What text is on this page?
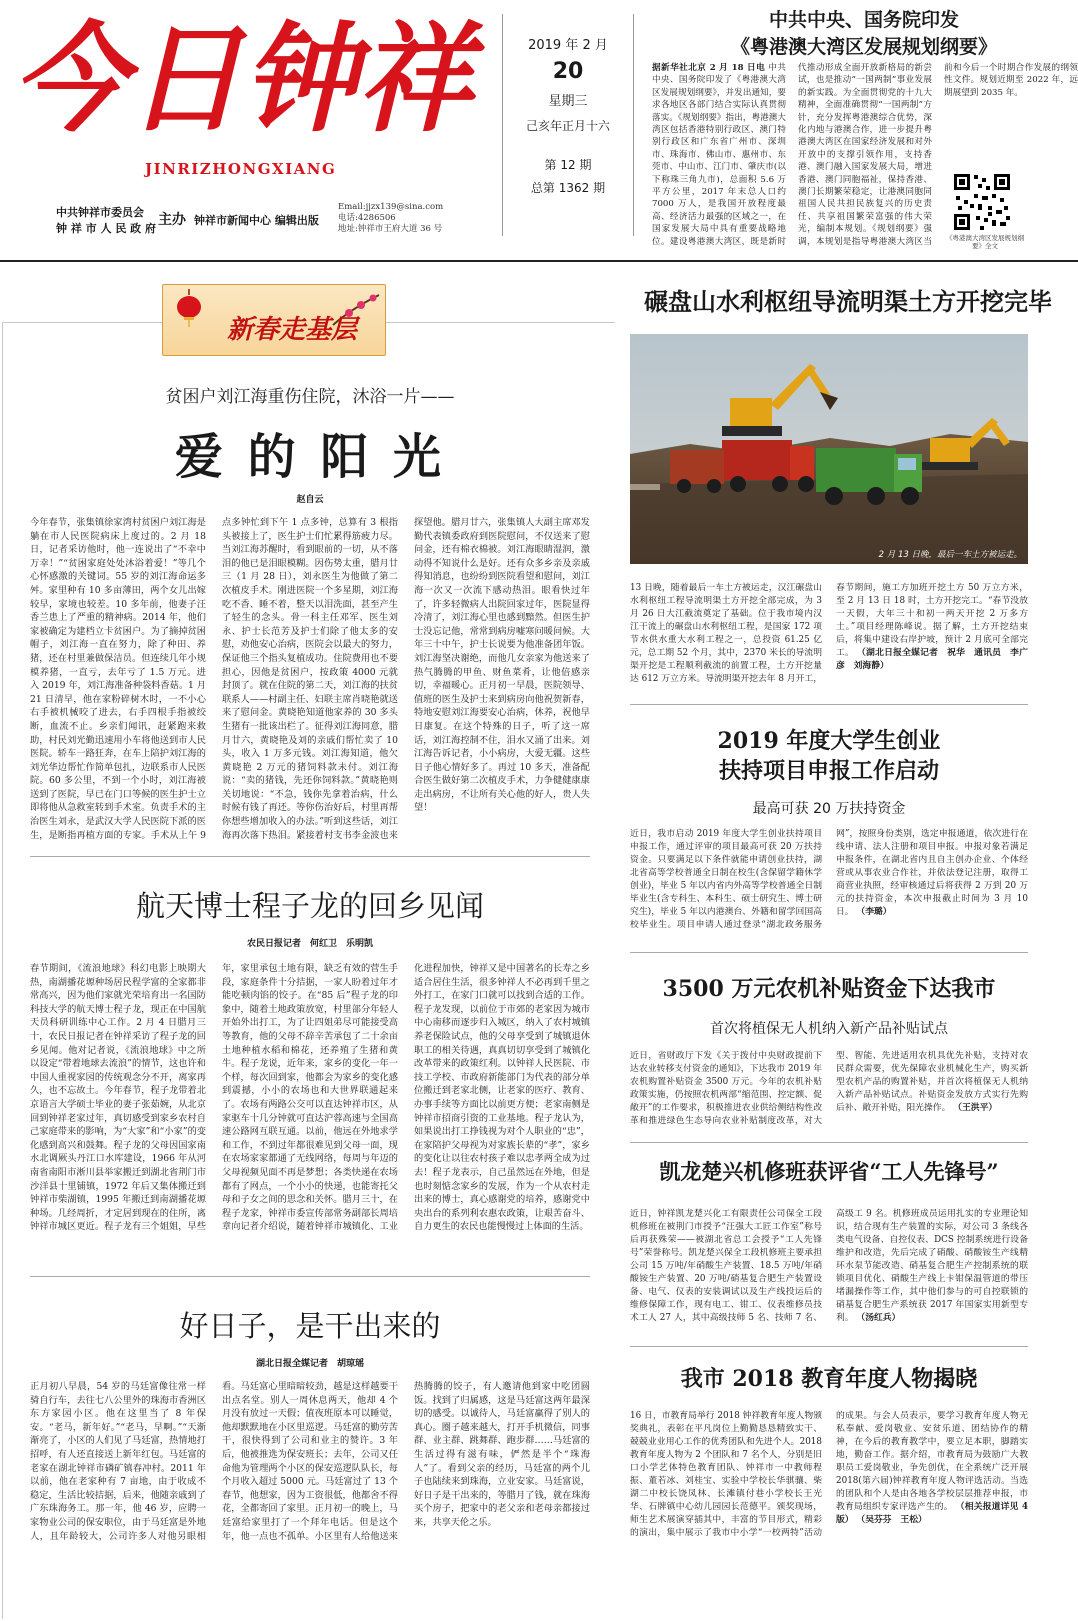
今日钟祥
JINRIZHONGXIANG
中共钟祥市委员会
钟 祥 市 人 民 政 府
主办 钟祥市新闻中心 编辑出版
Email:jjzx139@sina.com
电话:4286506
地址:钟祥市王府大道 36 号
2019 年 2 月
20
星期三
己亥年正月十六
第 12 期
总第 1362 期
中共中央、国务院印发
《粤港澳大湾区发展规划纲要》
据新华社北京 2 月 18 日电 中共中央、国务院印发了《粤港澳大湾区发展规划纲要》，并发出通知，要求各地区各部门结合实际认真贯彻落实。《规划纲要》指出，粤港澳大湾区包括香港特别行政区、澳门特别行政区和广东省广州市、深圳市、珠海市、佛山市、惠州市、东莞市、中山市、江门市、肇庆市(以下称珠三角九市)，总面积 5.6 万平方公里，2017 年末总人口约 7000 万人，是我国开放程度最高、经济活力最强的区域之一，在国家发展大局中具有重要战略地位。建设粤港澳大湾区，既是新时代推动形成全面开放新格局的新尝试，也是推动“一国两制”事业发展的新实践。为全面贯彻党的十九大精神，全面准确贯彻“一国两制”方针，充分发挥粤港澳综合优势，深化内地与港澳合作，进一步提升粤港澳大湾区在国家经济发展和对外开放中的支撑引领作用，支持香港、澳门融入国家发展大局，增进香港、澳门同胞福祉，保持香港、澳门长期繁荣稳定，让港澳同胞同祖国人民共担民族复兴的历史责任、共享祖国繁荣富强的伟大荣光，编制本规划。《规划纲要》强调，本规划是指导粤港澳大湾区当前和今后一个时期合作发展的纲领性文件。规划近期至 2022 年，远期展望到 2035 年。
《粤港澳大湾区发展规划纲要》全文
新春走基层
贫困户刘江海重伤住院，沐浴一片——
爱 的 阳 光
赵自云
今年春节，张集镇徐家湾村贫困户刘江海是躺在市人民医院病床上度过的。2 月 18 日，记者采访他时，他一连说出了“不幸中万幸！”“贫困家庭处处沐浴着爱！”等几个心怀感激的关键词。55 岁的刘江海命运多舛。家里种有 10 多亩薄田，两个女儿出嫁较早，家境也较差。10 多年前，他妻子汪香兰患上了严重的精神病。2014 年，他们家被确定为建档立卡贫困户。为了摘掉贫困帽子，刘江海一直在努力，除了种田、养猪，还在村里兼做保洁员。但连续几年小规模养猪，一直亏，去年亏了 1.5 万元。进入 2019 年，刘江海准备种袋料香菇。1 月 21 日清早，他在家粉碎树木时，一不小心右手被机械咬了进去，右手四根手指被绞断，血流不止。乡亲们闻讯，赶紧跑来救助，村民刘光勤迅速用小车将他送到市人民医院。轿车一路狂奔，在车上陪护刘江海的刘光华边帮忙作简单包扎，边联系市人民医院。60 多公里，不到一个小时，刘江海被送到了医院，早已在门口等候的医生护士立即将他从急救室转到手术室。负责手术的主治医生刘永，是武汉大学人民医院下派的医生，是断指再植方面的专家。手术从上午 9 点多钟忙到下午 1 点多钟，总算有 3 根指头被接上了，医生护士们忙累得筋疲力尽。当刘江海苏醒时，看到眼前的一切，从不落泪的他已是泪眼模糊。因伤势太重，腊月廿三（1 月 28 日），刘永医生为他做了第二次植皮手术。刚进医院一个多星期，刘江海吃不香、睡不着，整天以泪洗面，甚至产生了轻生的念头。骨一科主任邓军、医生刘永、护士长范芳及护士们除了他太多的安慰，劝他安心治病，医院会以最大的努力，保证他三个指头复植成功。住院费用也不要担心，因他是贫困户，按政策 4000 元就封顶了。就在住院的第二天，刘江海的扶贫联系人——村副主任、妇联主席肖晓艳就送来了慰问金。黄晓艳知道他家养的 30 多头生猪有一批该出栏了。征得刘江海同意，腊月廿六，黄晓艳及刘的亲戚们帮忙卖了 10 头，收入 1 万多元钱。刘江海知道，他欠黄晓艳 2 万元的猪饲料款未付。刘江海说：“卖的猪钱，先还你饲料款。”黄晓艳则关切地说：“不急，钱你先拿着治病，什么时候有钱了再还。等你伤治好后，村里再帮你想些增加收入的办法。”听到这些话，刘江海再次落下热泪。紧接着村支书李金波也来探望他。腊月廿六，张集镇人大副主席邓发勤代表镇委政府到医院慰问，不仅送来了慰问金，还有棉衣棉被。刘江海眼睛湿润，激动得不知说什么是好。还有众多乡亲及亲戚得知消息，也纷纷到医院看望和慰问，刘江海一次又一次流下感动热泪。眼看快过年了，许多轻微病人出院回家过年，医院显得冷清了，刘江海心里也感到黯然。但医生护士没忘记他，常常到病房嘘寒问暖问候。大年三十中午，护士长说要为他准备团年饭。刘江海坚决谢绝，而他几女亲家为他送来了热气腾腾的甲鱼、财鱼菜肴，让他倍感亲切，幸福暖心。正月初一早晨，医院领导、值班的医生及护士来到病房向他祝贺新春，特地安慰刘江海要安心治病，休养，祝他早日康复。在这个特殊的日子，听了这一席话，刘江海控制不住，泪水又涌了出来。刘江海告诉记者，小小病房，大爱无疆。这些日子他心情好多了。再过 10 多天，准备配合医生做好第二次植皮手术，力争健健康康走出病房，不让所有关心他的好人，贵人失望！
航天博士程子龙的回乡见闻
农民日报记者　何红卫　乐明凯
春节期间，《流浪地球》科幻电影上映期大热，南湖播花塬种场居民程学富的全家都非常高兴，因为他们家就光荣培育出一名国防科技大学的航天博士程子龙，现正在中国航天员科研训练中心工作。2 月 4 日腊月三十，农民日报记者在钟祥采访了程子龙的回乡见闻。他对记者说，《流浪地球》中之所以设定“带着地球去流浪”的情节，这也许和中国人重视家园的传统观念分不开，离家再久，也不忘故土。今年春节，程子龙带着北京语言大学硕士毕业的妻子张茹婉，从北京回到钟祥老家过年，真切感受到家乡农村自己家庭带来的影响，为“大家”和“小家”的变化感到高兴和鼓舞。程子龙的父母因国家南水北调厥头丹江口水库建设，1966 年从河南省南阳市淅川县举家搬迁到湖北省荆门市沙洋县十里铺镇，1972 年后又集体搬迁到钟祥市柴湖镇，1995 年搬迁到南湖播花塬种场。几经周折，才定居到现在的住所，离钟祥市城区更近。程子龙有三个姐姐，早些年，家里承包土地有限，缺乏有效的营生手段，家庭条件十分拮据，一家人盼着过年才能吃顿肉馅的饺子。在“85 后”程子龙的印象中，随着土地政策放宽，村里部分年轻人开始外出打工，为了让四姐弟尽可能接受高等教育，他的父母不辞辛苦承包了二十余亩土地种植水稻和棉花，还养殖了生猪和黄牛。程子龙说，近年来，家乡的变化一年一个样，每次回到家，他都会为家乡的变化感到震撼，小小的农场也和大世界联通起来了。农场有两路公交可以直达钟祥市区，从家驱车十几分钟就可直达沪蓉高速与全国高速公路网互联互通。以前，他远在外地求学和工作，不到过年都很难见到父母一面，现在农场家家都通了无线网络，每周与年迈的父母视频见面不再是梦想；各类快递在农场都有了网点，一个小小的快递，也能寄托父母和子女之间的思念和关怀。腊月三十，在程子龙家，钟祥市委宣传部常务副部长周培章向记者介绍说，随着钟祥市城镇化、工业化进程加快，钟祥又是中国著名的长寿之乡适合居住生活，很多钟祥人不必再到千里之外打工，在家门口就可以找到合适的工作。程子龙发现，以前位于市郊的老家因为城市中心南移而逐步归入城区，纳入了农村城镇养老保险试点，他的父母享受到了城镇退休职工的相关待遇，真真切切享受到了城镇化改革带来的政策红利。以钟祥人民医院、市技工学校、市政府新能部门为代表的部分单位搬迁到老家北侧，让老家的医疗、教育、办事手续等方面比以前更方便；老家南侧是钟祥市招商引资的工业基地。程子龙认为，如果说出打工挣钱视为对个人职业的“忠”，在家陪护父母视为对家族长辈的“孝”，家乡的变化让以往农村孩子难以忠孝两全成为过去！程子龙表示，自己虽然远在外地，但是也时刻惦念家乡的发展，作为一个从农村走出来的博士，真心感谢党的培养，感谢党中央出台的系列利农惠农政策，让艰苦奋斗、自力更生的农民也能慢慢过上体面的生活。
好日子，是干出来的
湖北日报全媒记者　胡琼瑶
正月初八早晨，54 岁的马廷富像往常一样骑自行车，去往七八公里外的珠海市香洲区东方家园小区。他在这里当了 8 年保安。“老马，新年好。”“老马，早啊。”“天渐渐亮了，小区的人们见了马廷富，热情地打招呼，有人还直接送上新年红包。马廷富的老家在湖北钟祥市磷矿镇春冲村。2011 年以前，他在老家种有 7 亩地，由于收成不稳定，生活比较拮据，后来，他随亲戚到了广东珠海务工。那一年，他 46 岁，应聘一家物业公司的保安职位，由于马廷富是外地人，且年龄较大，公司许多人对他另眼相看。马廷富心里暗暗较劲，越是这样越要干出点名堂。别人一周休息两天，他却 4 个月没有放过一天假；值夜班原本可以睡觉，他却默默地在小区里巡逻。马廷富的勤劳苦干，很快得到了公司和业主的赞许。3 年后，他被推选为保安班长；去年，公司又任命他为管理两个小区的保安巡逻队队长，每个月收入超过 5000 元。马廷富过了 13 个春节，他想家，因为工资很低，他都舍不得花，全都寄回了家里。正月初一的晚上，马廷富给家里打了一个拜年电话。但是这个年，他一点也不孤单。小区里有人给他送来热腾腾的饺子，有人邀请他到家中吃团圆饭。找到了归属感，这是马廷富这两年最深切的感受。以诚待人，马廷富赢得了别人的真心。圈子越来越大，打开手机微信，同事群、业主群、跳舞群、跑步群……马廷富的生活过得有滋有味，俨然是半个“珠海人”了。看到父亲的经历，马廷富的两个儿子也陆续来到珠海，立业安家。马廷富说，好日子是干出来的，等腊月了钱，就在珠海买个房子，把家中的老父亲和老母亲都接过来，共享天伦之乐。
碾盘山水利枢纽导流明渠土方开挖完毕
2 月 13 日晚，最后一车土方被运走。
13 日晚，随着最后一车土方被运走，汉江碾盘山水利枢纽工程导流明渠土方开挖全部完成，为 3 月 26 日大江截流奠定了基础。位于我市境内汉江干流上的碾盘山水利枢纽工程，是国家 172 项节水供水重大水利工程之一，总投资 61.25 亿元，总工期 52 个月，其中，2370 米长的导流明渠开挖是工程顺利截流的前置工程，土方开挖量达 612 万立方米。导流明渠开挖去年 8 月开工，春节期间，施工方加班开挖土方 50 万立方米，至 2 月 13 日 18 时，土方开挖完工。“春节没放一天假，大年三十和初一两天开挖 2 万多方土。”项目经理陈峰说。据了解，土方开挖结束后，将集中建设右岸护坡，预计 2 月底可全部完工。 （湖北日报全媒记者　祝华　通讯员　李广彦　刘海静）
2019 年度大学生创业
扶持项目申报工作启动
最高可获 20 万扶持资金
近日，我市启动 2019 年度大学生创业扶持项目申报工作，通过评审的项目最高可获 20 万扶持资金。只要满足以下条件就能申请创业扶持，湖北省高等学校普通全日制在校生(含保留学籍休学创业)，毕业 5 年以内省内外高等学校普通全日制毕业生(含专科生、本科生、硕士研究生、博士研究生)，毕业 5 年以内港澳台、外籍和留学回国高校毕业生。项目申请人通过登录“湖北政务服务网”，按照身份类别，选定申报通道，依次进行在线申请、法人注册和项目申报。申报对象若满足申报条件，在湖北省内且自主创办企业、个体经营或从事农业合作社，并依法登记注册，取得工商营业执照，经审核通过后将获得 2 万到 20 万元的扶持资金，本次申报截止时间为 3 月 10 日。 （李璐）
3500 万元农机补贴资金下达我市
首次将植保无人机纳入新产品补贴试点
近日，省财政厅下发《关于拨付中央财政提前下达农业转移支付资金的通知》，下达我市 2019 年农机购置补贴资金 3500 万元。今年的农机补贴政策实施，仍按照农机两部“缩范围、控定额、促敞开”的工作要求，积极推进农业供给侧结构性改革和推进绿色生态导向农业补贴制度改革，对大型、智能、先进适用农机具优先补贴，支持对农民群众需要，优先保障农业机械化生产，购买新型农机产品的购置补贴，并首次将植保无人机纳入新产品补贴试点。补贴资金发放方式实行先购后补、敞开补贴，阳光操作。 （王洪平）
凯龙楚兴机修班获评省“工人先锋号”
近日，钟祥凯龙楚兴化工有限责任公司保全工段机修班在被荆门市授予“汪强大工匠工作室”称号后再获殊荣——被湖北省总工会授予“工人先锋号”荣誉称号。凯龙楚兴保全工段机修班主要承担公司 15 万吨/年硝酸生产装置、18.5 万吨/年硝酸铵生产装置、20 万吨/硝基复合肥生产装置设备、电气、仪表的安装调试以及生产线投运后的维修保障工作，现有电工、钳工、仪表维修员技术工人 27 人，其中高级技师 5 名、技师 7 名、高级工 9 名。机修班成员运用扎实的专业理论知识，结合现有生产装置的实际，对公司 3 条线各类电气设备、自控仪表、DCS 控制系统进行设备维护和改造，先后完成了硝酸、硝酸铵生产线精环水泵节能改造、硝基复合肥生产控制系统的联锁项目优化、硝酸生产线上卡钳保温管道的带压堵漏操作等工作，其中他们参与的可自控联锁的硝基复合肥生产系统获 2017 年国家实用新型专利。 （汤红兵）
我市 2018 教育年度人物揭晓
16 日，市教育局举行 2018 钟祥教育年度人物颁奖典礼，表彰在平凡岗位上勤勤恳恳精致实干、兢兢业业用心工作的优秀团队和先进个人。2018 教育年度人物为 2 个团队和 7 名个人，分别是旧口小学艺体特色教育团队、钟祥市一中教师程振、董若冰、刘桂宝、实验中学校长华骐骧、柴湖二中校长饶凤林、长滩镇付巷小学校长王光华、石牌镇中心幼儿园园长范德平。颁奖现场，师生艺术展演穿插其中，丰富的节目形式，精彩的演出，集中展示了我市中小学“一校两特”活动的成果。与会人员表示，要学习教育年度人物无私奉献、爱岗敬业、安贫乐道、团结协作的精神，在今后的教育教学中，要立足本职，脚踏实地，勤奋工作。据介绍，市教育局为鼓励广大教职员工爱岗敬业，争先创优，在全系统广泛开展 2018(第六届)钟祥教育年度人物评选活动。当选的团队和个人是由各地各学校层层推荐申报，市教育局组织专家评选产生的。 （相关报道详见 4 版） （吴芬芬　王松）
